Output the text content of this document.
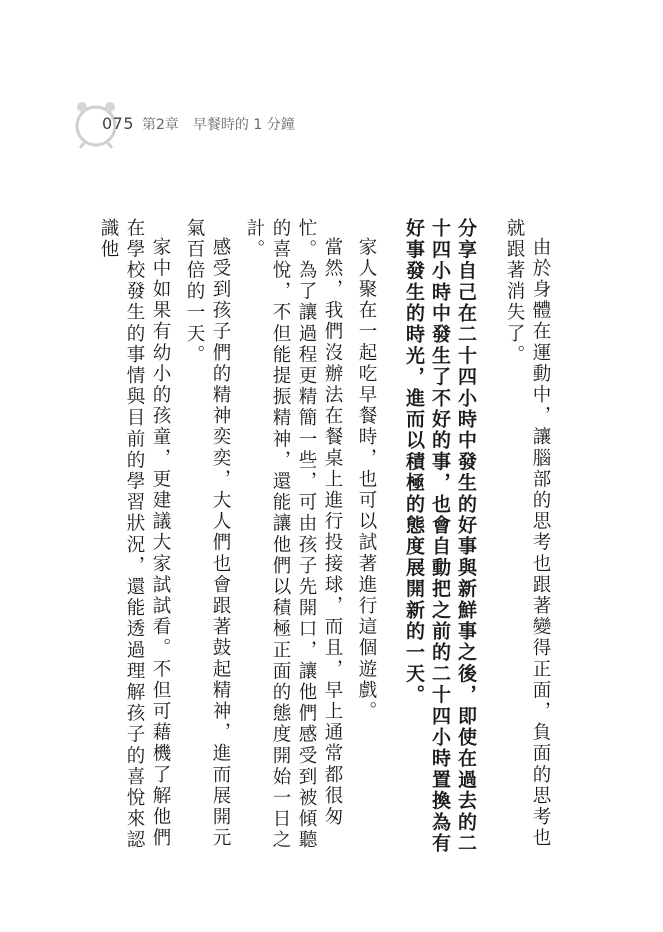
075 第2章　早餐時的 1 分鐘

由於身體在運動中，讓腦部的思考也跟著變得正面，負面的思考也就跟著消失了。

分享自己在二十四小時中發生的好事與新鮮事之後，即使在過去的二十四小時中發生了不好的事，也會自動把之前的二十四小時置換為有好事發生的時光，進而以積極的態度展開新的一天。

家人聚在一起吃早餐時，也可以試著進行這個遊戲。

當然，我們沒辦法在餐桌上進行投接球，而且，早上通常都很匆忙。為了讓過程更精簡一些，可由孩子先開口，讓他們感受到被傾聽的喜悅，不但能提振精神，還能讓他們以積極正面的態度開始一日之計。

感受到孩子們的精神奕奕，大人們也會跟著鼓起精神，進而展開元氣百倍的一天。

家中如果有幼小的孩童，更建議大家試試看。不但可藉機了解他們在學校發生的事情與目前的學習狀況，還能透過理解孩子的喜悅來認識他
